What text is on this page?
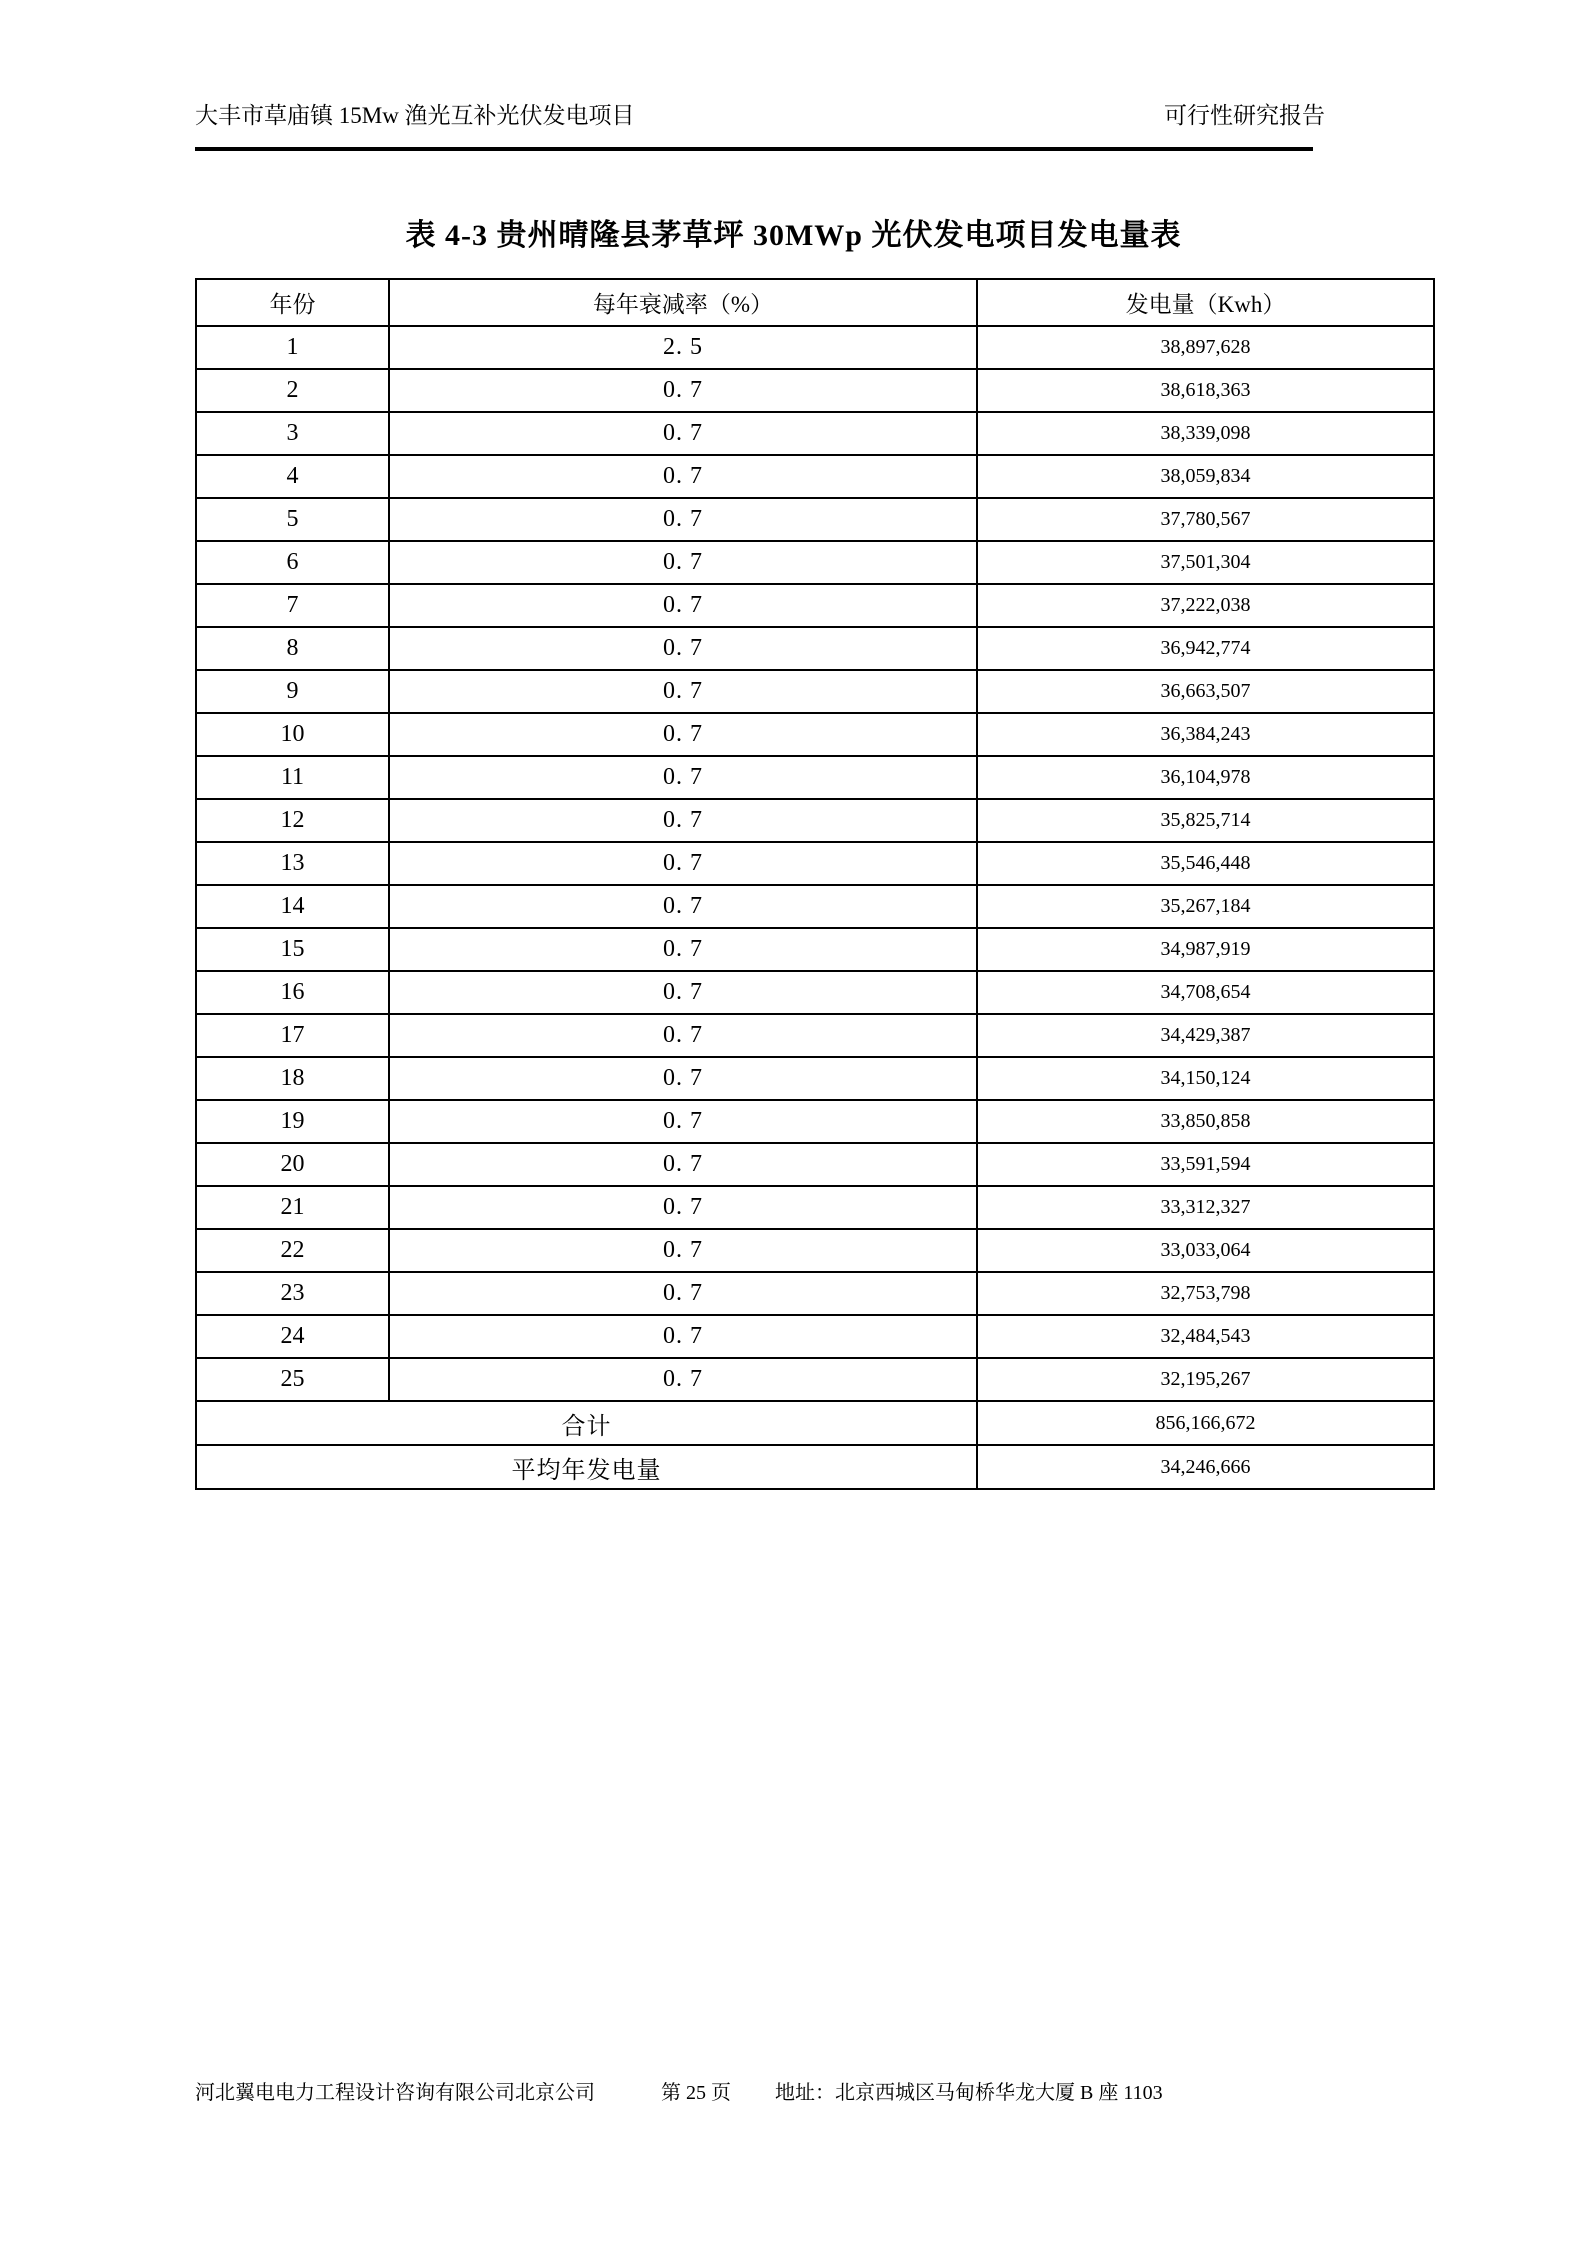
大丰市草庙镇 15Mw 渔光互补光伏发电项目	可行性研究报告
表 4-3 贵州晴隆县茅草坪 30MWp 光伏发电项目发电量表
年份	每年衰减率（%）	发电量（Kwh）
1	2. 5	38,897,628
2	0. 7	38,618,363
3	0. 7	38,339,098
4	0. 7	38,059,834
5	0. 7	37,780,567
6	0. 7	37,501,304
7	0. 7	37,222,038
8	0. 7	36,942,774
9	0. 7	36,663,507
10	0. 7	36,384,243
11	0. 7	36,104,978
12	0. 7	35,825,714
13	0. 7	35,546,448
14	0. 7	35,267,184
15	0. 7	34,987,919
16	0. 7	34,708,654
17	0. 7	34,429,387
18	0. 7	34,150,124
19	0. 7	33,850,858
20	0. 7	33,591,594
21	0. 7	33,312,327
22	0. 7	33,033,064
23	0. 7	32,753,798
24	0. 7	32,484,543
25	0. 7	32,195,267
合计		856,166,672
平均年发电量		34,246,666
河北翼电电力工程设计咨询有限公司北京公司	第 25 页 地址：北京西城区马甸桥华龙大厦 B 座 1103
